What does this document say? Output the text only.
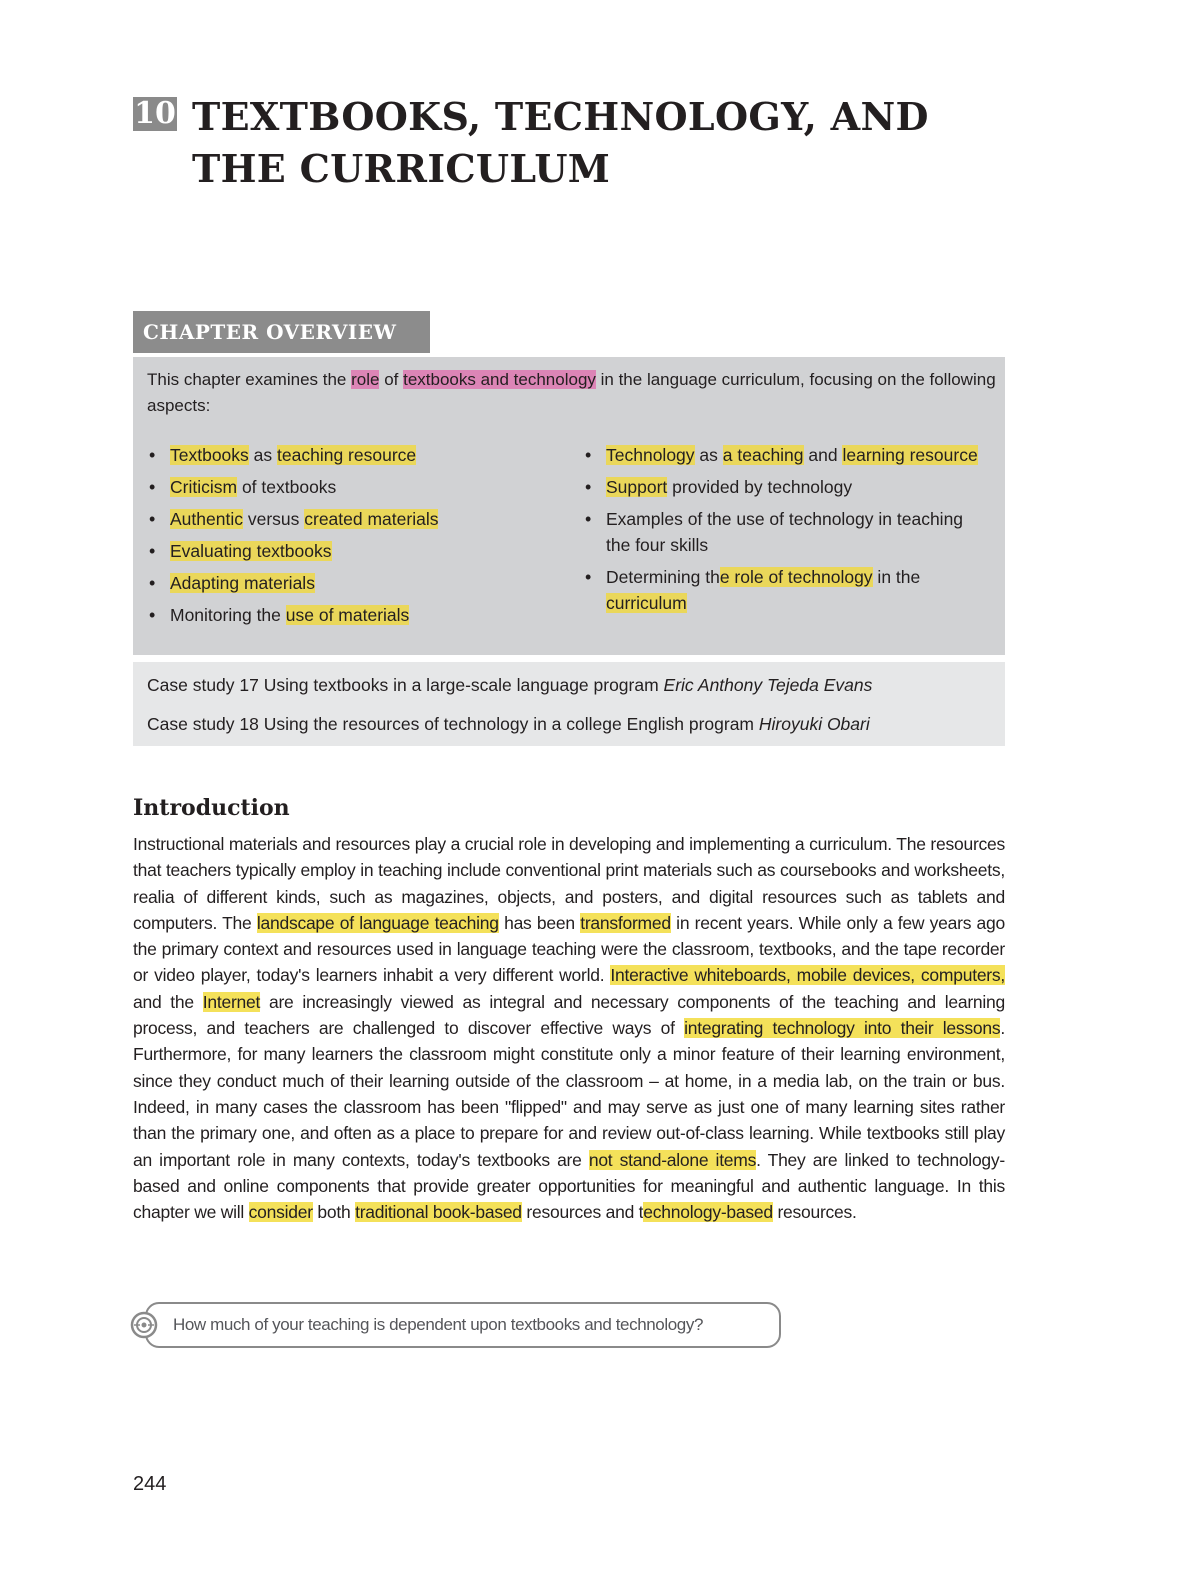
10 TEXTBOOKS, TECHNOLOGY, AND THE CURRICULUM
CHAPTER OVERVIEW

This chapter examines the role of textbooks and technology in the language curriculum, focusing on the following aspects:

• Textbooks as teaching resource
• Criticism of textbooks
• Authentic versus created materials
• Evaluating textbooks
• Adapting materials
• Monitoring the use of materials
• Technology as a teaching and learning resource
• Support provided by technology
• Examples of the use of technology in teaching the four skills
• Determining the role of technology in the curriculum
Case study 17 Using textbooks in a large-scale language program Eric Anthony Tejeda Evans
Case study 18 Using the resources of technology in a college English program Hiroyuki Obari
Introduction

Instructional materials and resources play a crucial role in developing and implementing a curriculum. The resources that teachers typically employ in teaching include conventional print materials such as coursebooks and worksheets, realia of different kinds, such as magazines, objects, and posters, and digital resources such as tablets and computers. The landscape of language teaching has been transformed in recent years. While only a few years ago the primary context and resources used in language teaching were the classroom, textbooks, and the tape recorder or video player, today's learners inhabit a very different world. Interactive whiteboards, mobile devices, computers, and the Internet are increasingly viewed as integral and necessary components of the teaching and learning process, and teachers are challenged to discover effective ways of integrating technology into their lessons. Furthermore, for many learners the classroom might constitute only a minor feature of their learning environment, since they conduct much of their learning outside of the classroom – at home, in a media lab, on the train or bus. Indeed, in many cases the classroom has been "flipped" and may serve as just one of many learning sites rather than the primary one, and often as a place to prepare for and review out-of-class learning. While textbooks still play an important role in many contexts, today's textbooks are not stand-alone items. They are linked to technology-based and online components that provide greater opportunities for meaningful and authentic language. In this chapter we will consider both traditional book-based resources and technology-based resources.

How much of your teaching is dependent upon textbooks and technology?
244
